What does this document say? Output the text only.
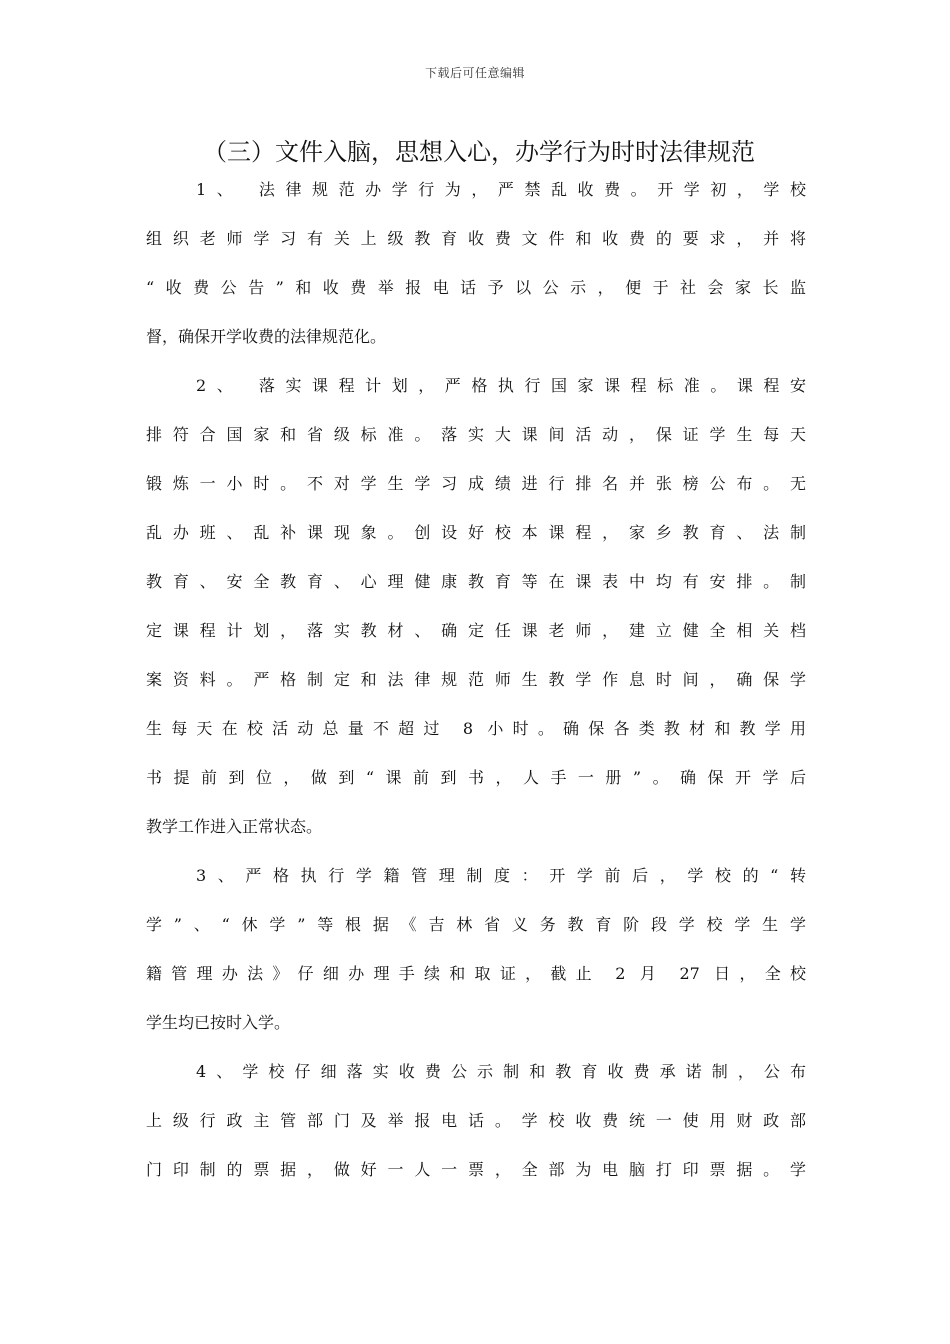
下载后可任意编辑
（三）文件入脑，思想入心，办学行为时时法律规范
1、 法律规范办学行为，严禁乱收费。开学初，学校
组织老师学习有关上级教育收费文件和收费的要求，并将
“收费公告”和收费举报电话予以公示，便于社会家长监
督，确保开学收费的法律规范化。
2、 落实课程计划，严格执行国家课程标准。课程安
排符合国家和省级标准。落实大课间活动，保证学生每天
锻炼一小时。不对学生学习成绩进行排名并张榜公布。无
乱办班、乱补课现象。创设好校本课程，家乡教育、法制
教育、安全教育、心理健康教育等在课表中均有安排。制
定课程计划，落实教材、确定任课老师，建立健全相关档
案资料。严格制定和法律规范师生教学作息时间，确保学
生每天在校活动总量不超过 8 小时。确保各类教材和教学用
书提前到位，做到“课前到书，人手一册”。确保开学后
教学工作进入正常状态。
3、严格执行学籍管理制度：开学前后，学校的“转
学”、“休学”等根据《吉林省义务教育阶段学校学生学
籍管理办法》仔细办理手续和取证，截止 2 月 27 日，全校
学生均已按时入学。
4、学校仔细落实收费公示制和教育收费承诺制，公布
上级行政主管部门及举报电话。学校收费统一使用财政部
门印制的票据，做好一人一票，全部为电脑打印票据。学
